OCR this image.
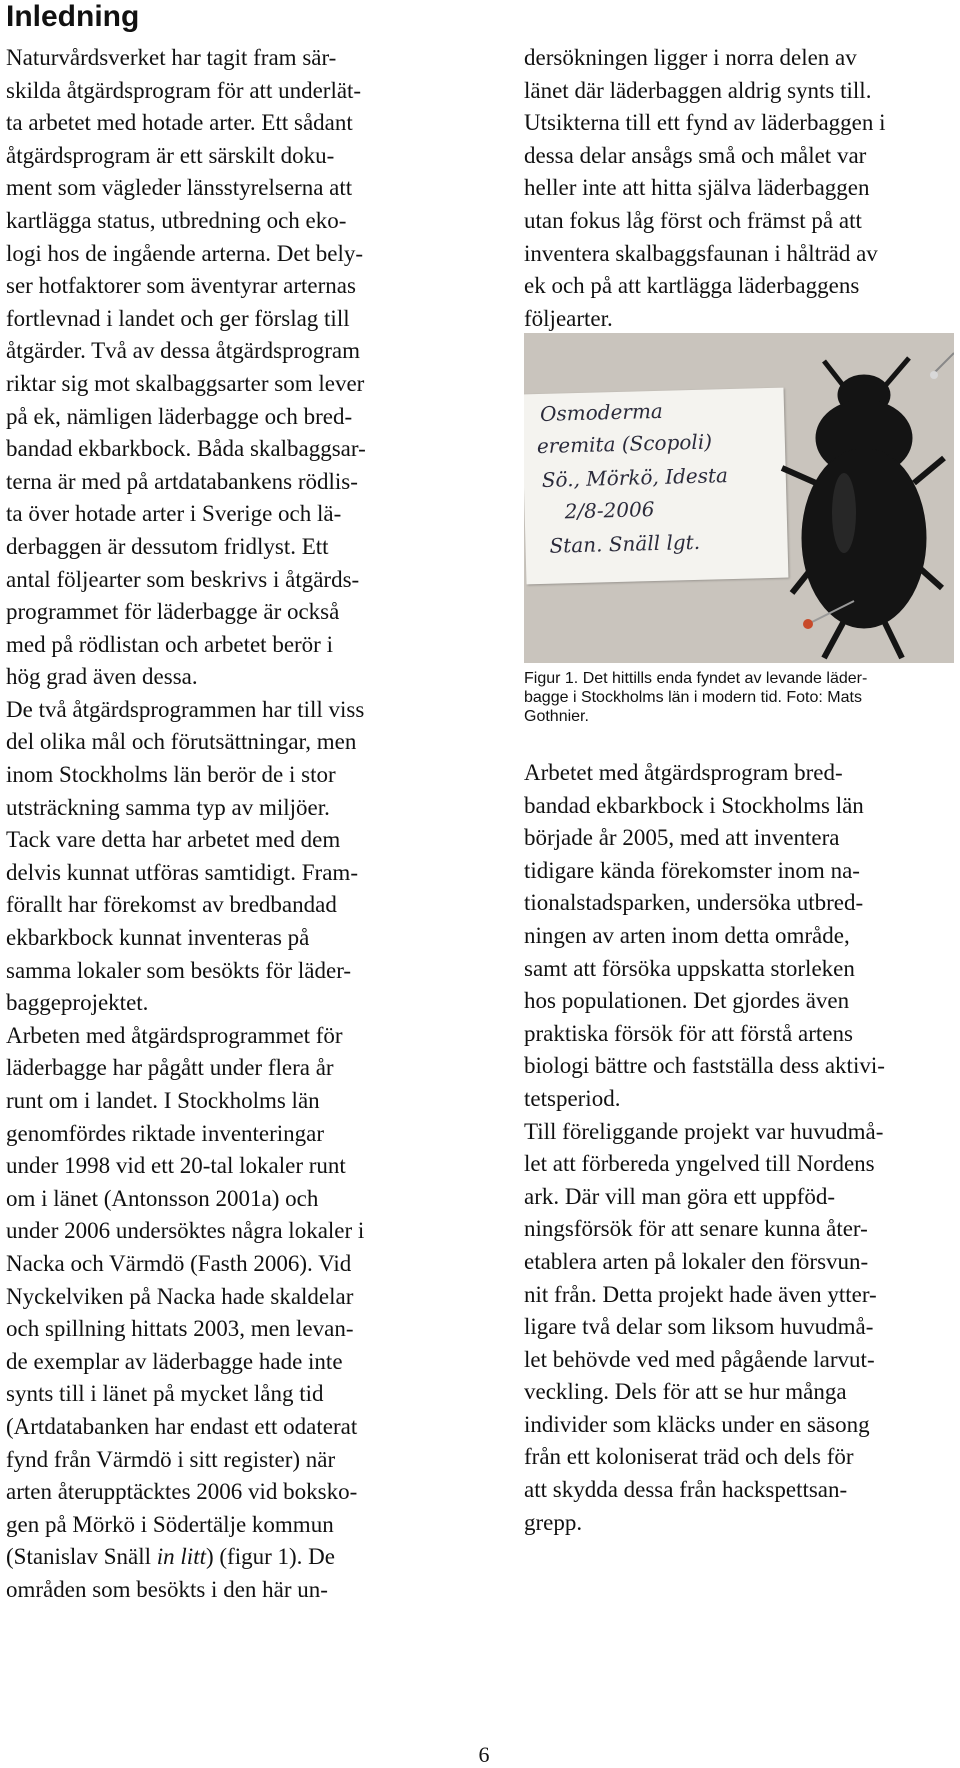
Inledning
Naturvårdsverket har tagit fram sär-
skilda åtgärdsprogram för att underlät-
ta arbetet med hotade arter. Ett sådant
åtgärdsprogram är ett särskilt doku-
ment som vägleder länsstyrelserna att
kartlägga status, utbredning och eko-
logi hos de ingående arterna. Det bely-
ser hotfaktorer som äventyrar arternas
fortlevnad i landet och ger förslag till
åtgärder. Två av dessa åtgärdsprogram
riktar sig mot skalbaggsarter som lever
på ek, nämligen läderbagge och bred-
bandad ekbarkbock. Båda skalbaggsar-
terna är med på artdatabankens rödlis-
ta över hotade arter i Sverige och lä-
derbaggen är dessutom fridlyst. Ett
antal följearter som beskrivs i åtgärds-
programmet för läderbagge är också
med på rödlistan och arbetet berör i
hög grad även dessa.
De två åtgärdsprogrammen har till viss
del olika mål och förutsättningar, men
inom Stockholms län berör de i stor
utsträckning samma typ av miljöer.
Tack vare detta har arbetet med dem
delvis kunnat utföras samtidigt. Fram-
förallt har förekomst av bredbandad
ekbarkbock kunnat inventeras på
samma lokaler som besökts för läder-
baggeprojektet.
Arbeten med åtgärdsprogrammet för
läderbagge har pågått under flera år
runt om i landet. I Stockholms län
genomfördes riktade inventeringar
under 1998 vid ett 20-tal lokaler runt
om i länet (Antonsson 2001a) och
under 2006 undersöktes några lokaler i
Nacka och Värmdö (Fasth 2006). Vid
Nyckelviken på Nacka hade skaldelar
och spillning hittats 2003, men levan-
de exemplar av läderbagge hade inte
synts till i länet på mycket lång tid
(Artdatabanken har endast ett odaterat
fynd från Värmdö i sitt register) när
arten återupptäcktes 2006 vid boksko-
gen på Mörkö i Södertälje kommun
(Stanislav Snäll in litt) (figur 1). De
områden som besökts i den här un-
dersökningen ligger i norra delen av
länet där läderbaggen aldrig synts till.
Utsikterna till ett fynd av läderbaggen i
dessa delar ansågs små och målet var
heller inte att hitta själva läderbaggen
utan fokus låg först och främst på att
inventera skalbaggsfaunan i hålträd av
ek och på att kartlägga läderbaggens
följearter.
Osmoderma
eremita (Scopoli)
Sö., Mörkö, Idesta
2/8-2006
Stan. Snäll lgt.
Figur 1. Det hittills enda fyndet av levande läder-
bagge i Stockholms län i modern tid. Foto: Mats
Gothnier.
Arbetet med åtgärdsprogram bred-
bandad ekbarkbock i Stockholms län
började år 2005, med att inventera
tidigare kända förekomster inom na-
tionalstadsparken, undersöka utbred-
ningen av arten inom detta område,
samt att försöka uppskatta storleken
hos populationen. Det gjordes även
praktiska försök för att förstå artens
biologi bättre och fastställa dess aktivi-
tetsperiod.
Till föreliggande projekt var huvudmå-
let att förbereda yngelved till Nordens
ark. Där vill man göra ett uppföd-
ningsförsök för att senare kunna åter-
etablera arten på lokaler den försvun-
nit från. Detta projekt hade även ytter-
ligare två delar som liksom huvudmå-
let behövde ved med pågående larvut-
veckling. Dels för att se hur många
individer som kläcks under en säsong
från ett koloniserat träd och dels för
att skydda dessa från hackspettsan-
grepp.
6
